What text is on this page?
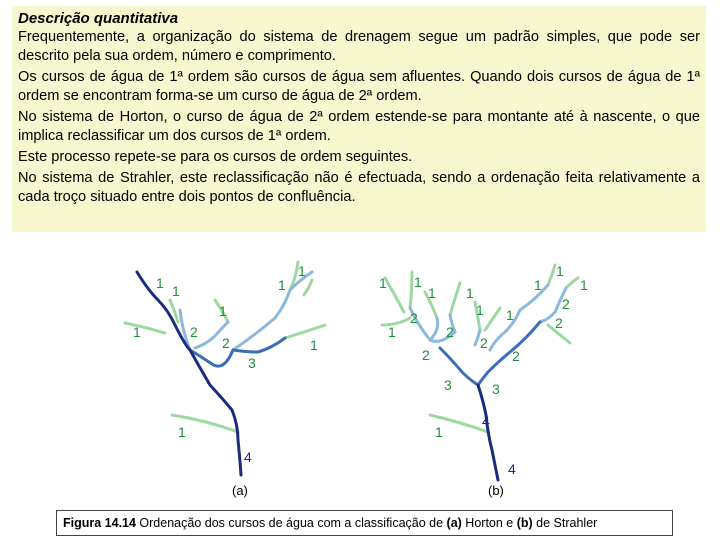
Descrição quantitativa
Frequentemente, a organização do sistema de drenagem segue um padrão simples, que pode ser descrito pela sua ordem, número e comprimento.
Os cursos de água de 1ª ordem são cursos de água sem afluentes. Quando dois cursos de água de 1ª ordem se encontram forma-se um curso de água de 2ª ordem.
No sistema de Horton, o curso de água de 2ª ordem estende-se para montante até à nascente, o que implica reclassificar um dos cursos de 1ª ordem.
Este processo repete-se para os cursos de ordem seguintes.
No sistema de Strahler, este reclassificação não é efectuada, sendo a ordenação feita relativamente a cada troço situado entre dois pontos de confluência.
1 1
1
1
1
1
1
2
2
3
1
4
1 1
1 1
1
1 1
1
1
1
2
2
2
2
2
2
2
3	3
4
1
4
(a)	(b)
Figura 14.14 Ordenação dos cursos de água com a classificação de (a) Horton e (b) de Strahler
